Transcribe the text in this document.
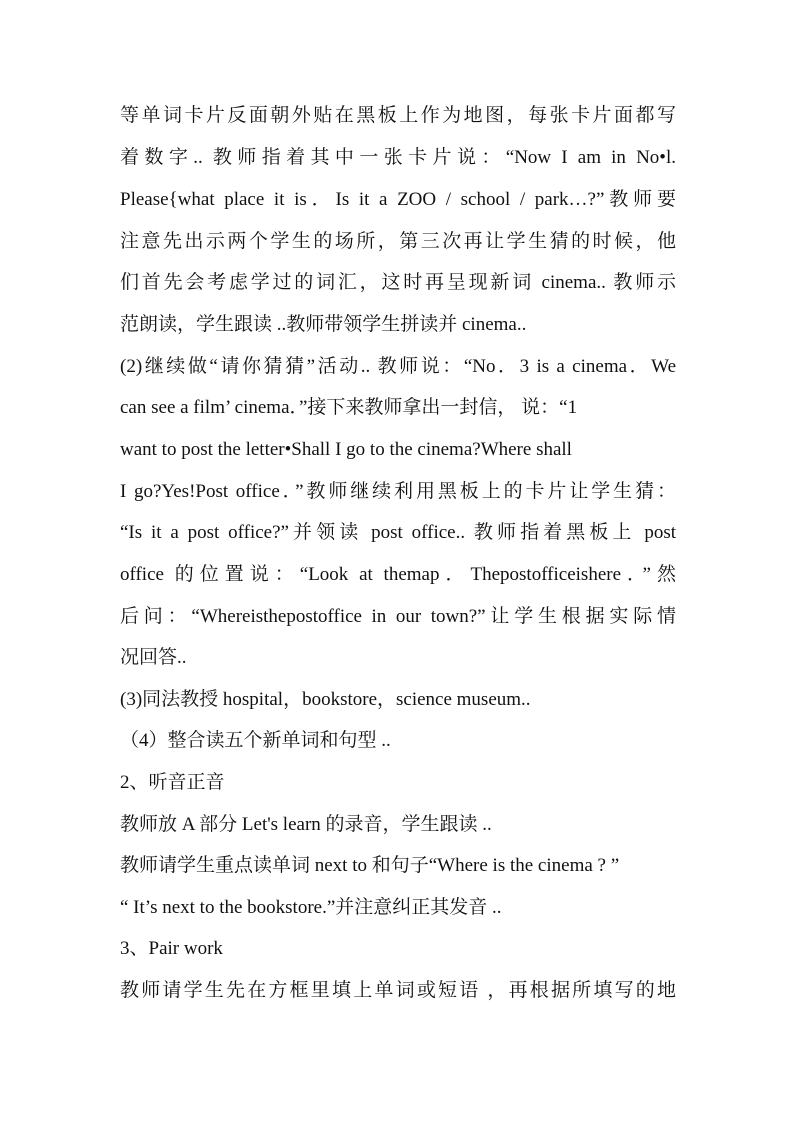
等单词卡片反面朝外贴在黑板上作为地图，每张卡片面都写
着数字.. 教师指着其中一张卡片说：“Now I am in No•l.
Please{what place it is．Is it a ZOO / school / park…?”教师要
注意先出示两个学生的场所，第三次再让学生猜的时候，他
们首先会考虑学过的词汇，这时再呈现新词 cinema.. 教师示
范朗读，学生跟读 ..教师带领学生拼读并 cinema..
(2)继续做“请你猜猜”活动.. 教师说：“No．3 is a cinema．We
can see a film’ cinema．”接下来教师拿出一封信， 说：“1
want to post the letter•Shall I go to the cinema?Where shall
I go?Yes!Post office．”教师继续利用黑板上的卡片让学生猜：
“Is it a post office?”并领读 post office.. 教师指着黑板上 post
office 的位置说：“Look at themap．Thepostofficeishere．”然
后问：“Whereisthepostoffice in our town?”让学生根据实际情
况回答..
(3)同法教授 hospital，bookstore，science museum..
（4）整合读五个新单词和句型 ..
2、听音正音
教师放 A 部分 Let's learn 的录音，学生跟读 ..
教师请学生重点读单词 next to 和句子“Where is the cinema ? ”
“ It’s next to the bookstore.”并注意纠正其发音 ..
3、Pair work
教师请学生先在方框里填上单词或短语 ，再根据所填写的地
